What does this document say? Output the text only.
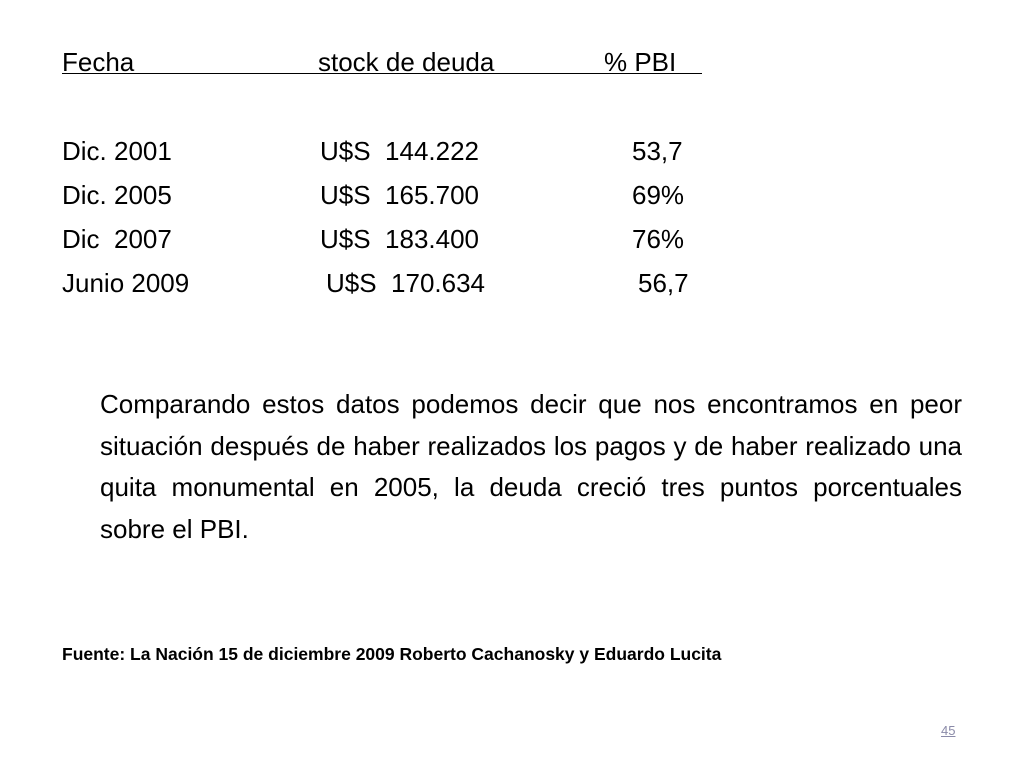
Fecha	stock de deuda	% PBI
Dic. 2001	U$S  144.222	53,7
Dic. 2005	U$S  165.700	69%
Dic  2007	U$S  183.400	76%
Junio 2009	U$S  170.634	56,7
Comparando estos datos podemos decir que nos encontramos en peor situación después de haber realizados los pagos y de haber realizado una quita monumental en 2005, la deuda creció tres puntos porcentuales sobre el PBI.
Fuente: La Nación 15 de diciembre 2009 Roberto Cachanosky y Eduardo Lucita
45
